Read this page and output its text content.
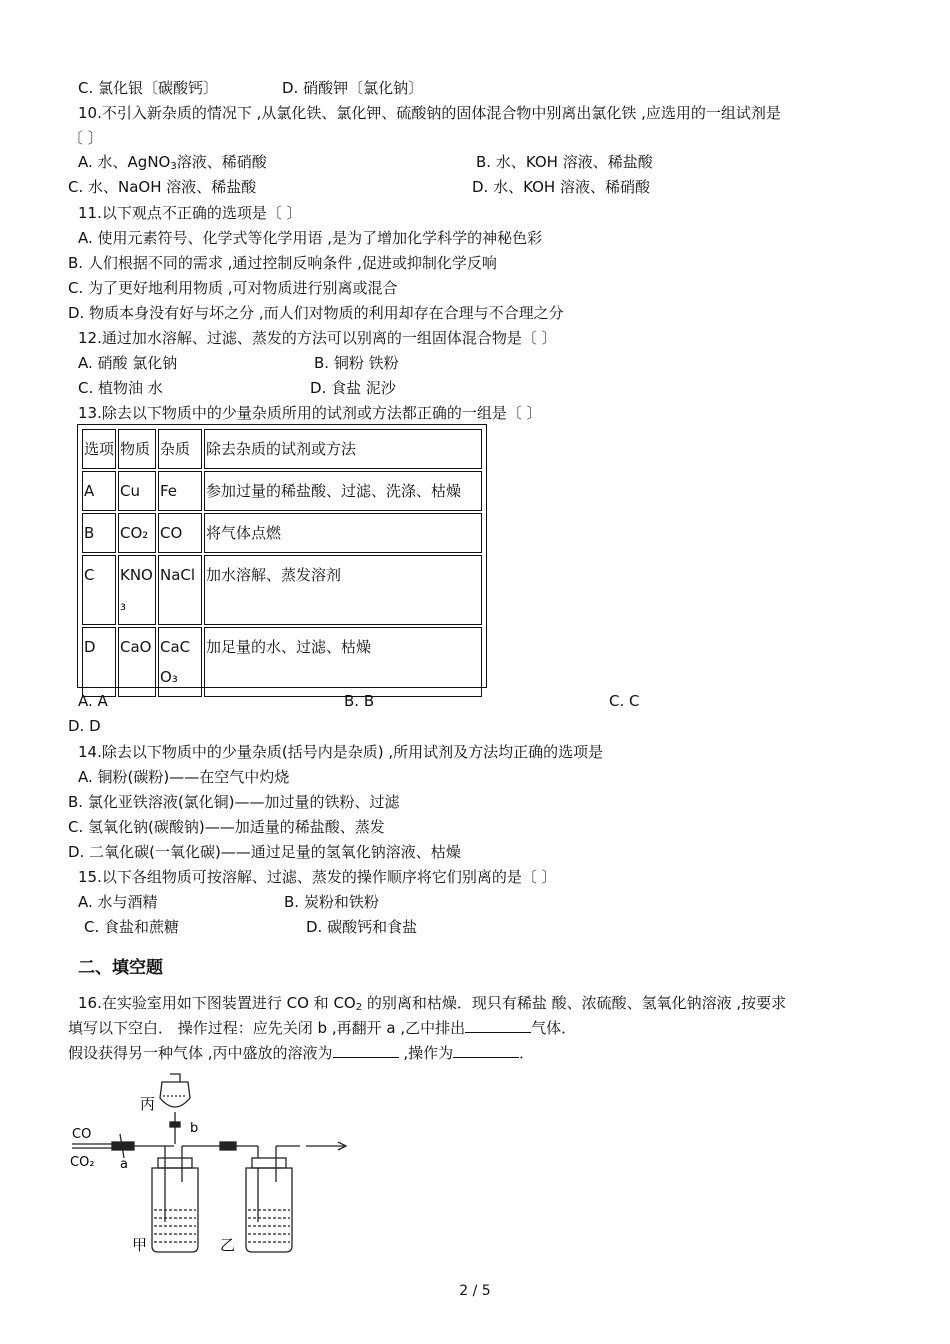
C. 氯化银〔碳酸钙〕	D. 硝酸钾〔氯化钠〕
10.不引入新杂质的情况下 ,从氯化铁、氯化钾、硫酸钠的固体混合物中别离出氯化铁 ,应选用的一组试剂是
〔 〕
A. 水、AgNO$_3$溶液、稀硝酸	B. 水、KOH 溶液、稀盐酸
C. 水、NaOH 溶液、稀盐酸	D. 水、KOH 溶液、稀硝酸
11.以下观点不正确的选项是〔 〕
A. 使用元素符号、化学式等化学用语 ,是为了增加化学科学的神秘色彩
B. 人们根据不同的需求 ,通过控制反响条件 ,促进或抑制化学反响
C. 为了更好地利用物质 ,可对物质进行别离或混合
D. 物质本身没有好与坏之分 ,而人们对物质的利用却存在合理与不合理之分
12.通过加水溶解、过滤、蒸发的方法可以别离的一组固体混合物是〔 〕
A. 硝酸 氯化钠	B. 铜粉 铁粉
C. 植物油 水	D. 食盐 泥沙
13.除去以下物质中的少量杂质所用的试剂或方法都正确的一组是〔 〕
选项	物质	杂质	除去杂质的试剂或方法
A	Cu	Fe	参加过量的稀盐酸、过滤、洗涤、枯燥
B	CO₂	CO	将气体点燃
C	KNO₃	NaCl	加水溶解、蒸发溶剂
D	CaO	CaCO₃	加足量的水、过滤、枯燥
A. A	B. B	C. C
D. D
14.除去以下物质中的少量杂质(括号内是杂质) ,所用试剂及方法均正确的选项是
A. 铜粉(碳粉)——在空气中灼烧
B. 氯化亚铁溶液(氯化铜)——加过量的铁粉、过滤
C. 氢氧化钠(碳酸钠)——加适量的稀盐酸、蒸发
D. 二氧化碳(一氧化碳)——通过足量的氢氧化钠溶液、枯燥
15.以下各组物质可按溶解、过滤、蒸发的操作顺序将它们别离的是〔 〕
A. 水与酒精	B. 炭粉和铁粉
C. 食盐和蔗糖	D. 碳酸钙和食盐
二、填空题
16.在实验室用如下图装置进行 CO 和 $CO_2$ 的别离和枯燥．现只有稀盐 酸、浓硫酸、氢氧化钠溶液 ,按要求
填写以下空白． 操作过程：应先关闭 b ,再翻开 a ,乙中排出	气体．
假设获得另一种气体 ,丙中盛放的溶液为	,操作为	．
丙
b
a
CO
CO₂
甲	乙
2 / 5
